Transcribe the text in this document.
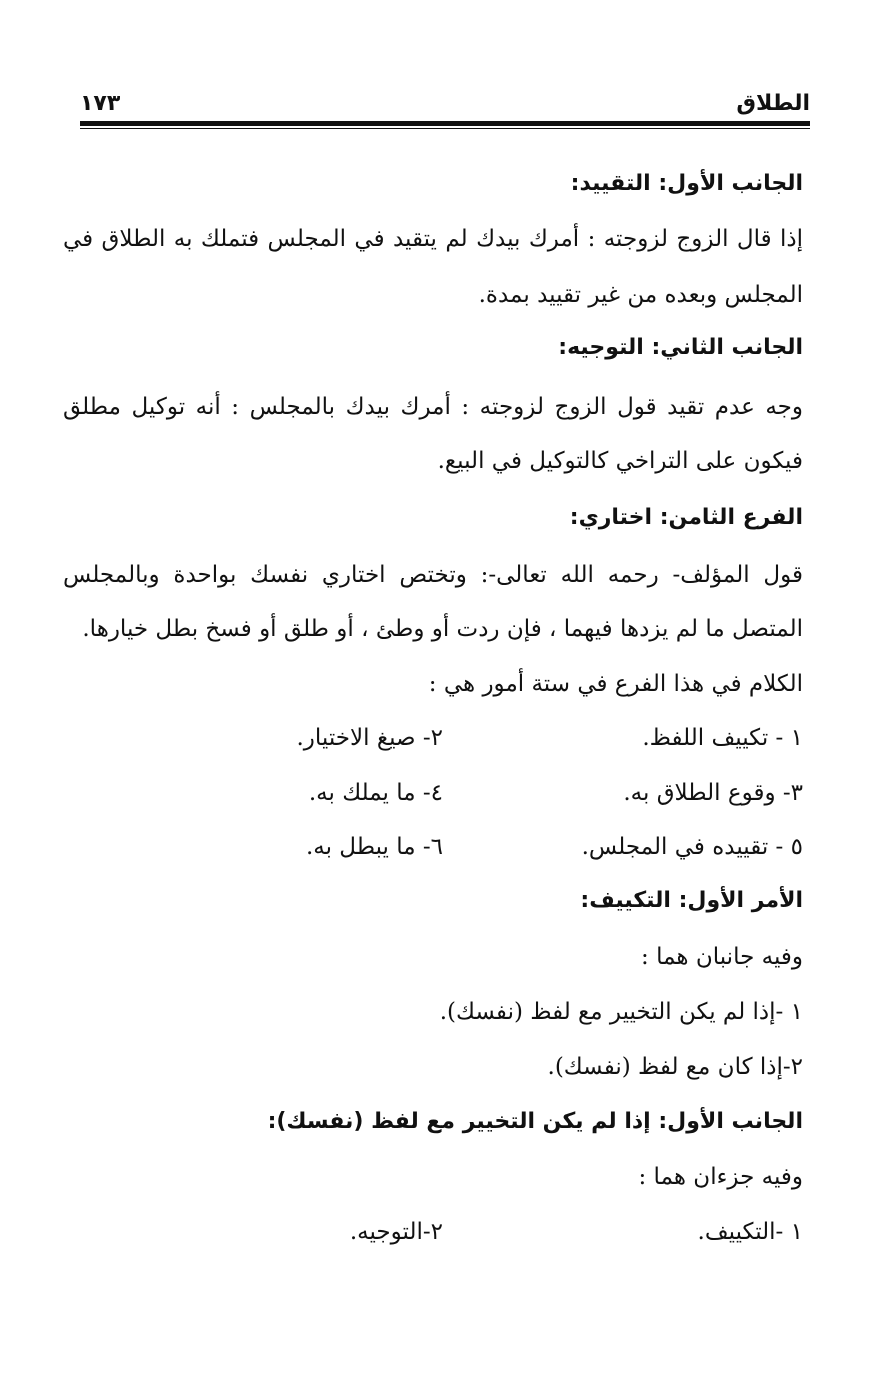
الطلاق
١٧٣
الجانب الأول: التقييد:
إذا قال الزوج لزوجته : أمرك بيدك لم يتقيد في المجلس فتملك به الطلاق في
المجلس وبعده من غير تقييد بمدة.
الجانب الثاني: التوجيه:
وجه عدم تقيد قول الزوج لزوجته : أمرك بيدك بالمجلس : أنه توكيل مطلق
فيكون على التراخي كالتوكيل في البيع.
الفرع الثامن: اختاري:
قول المؤلف- رحمه الله تعالى-: وتختص اختاري نفسك بواحدة وبالمجلس
المتصل ما لم يزدها فيهما ، فإن ردت أو وطئ ، أو طلق أو فسخ بطل خيارها.
الكلام في هذا الفرع في ستة أمور هي :
١ - تكييف اللفظ.
٢- صيغ الاختيار.
٣- وقوع الطلاق به.
٤- ما يملك به.
٥ - تقييده في المجلس.
٦- ما يبطل به.
الأمر الأول: التكييف:
وفيه جانبان هما :
١ -إذا لم يكن التخيير مع لفظ (نفسك).
٢-إذا كان مع لفظ (نفسك).
الجانب الأول: إذا لم يكن التخيير مع لفظ (نفسك):
وفيه جزءان هما :
١ -التكييف.
٢-التوجيه.
